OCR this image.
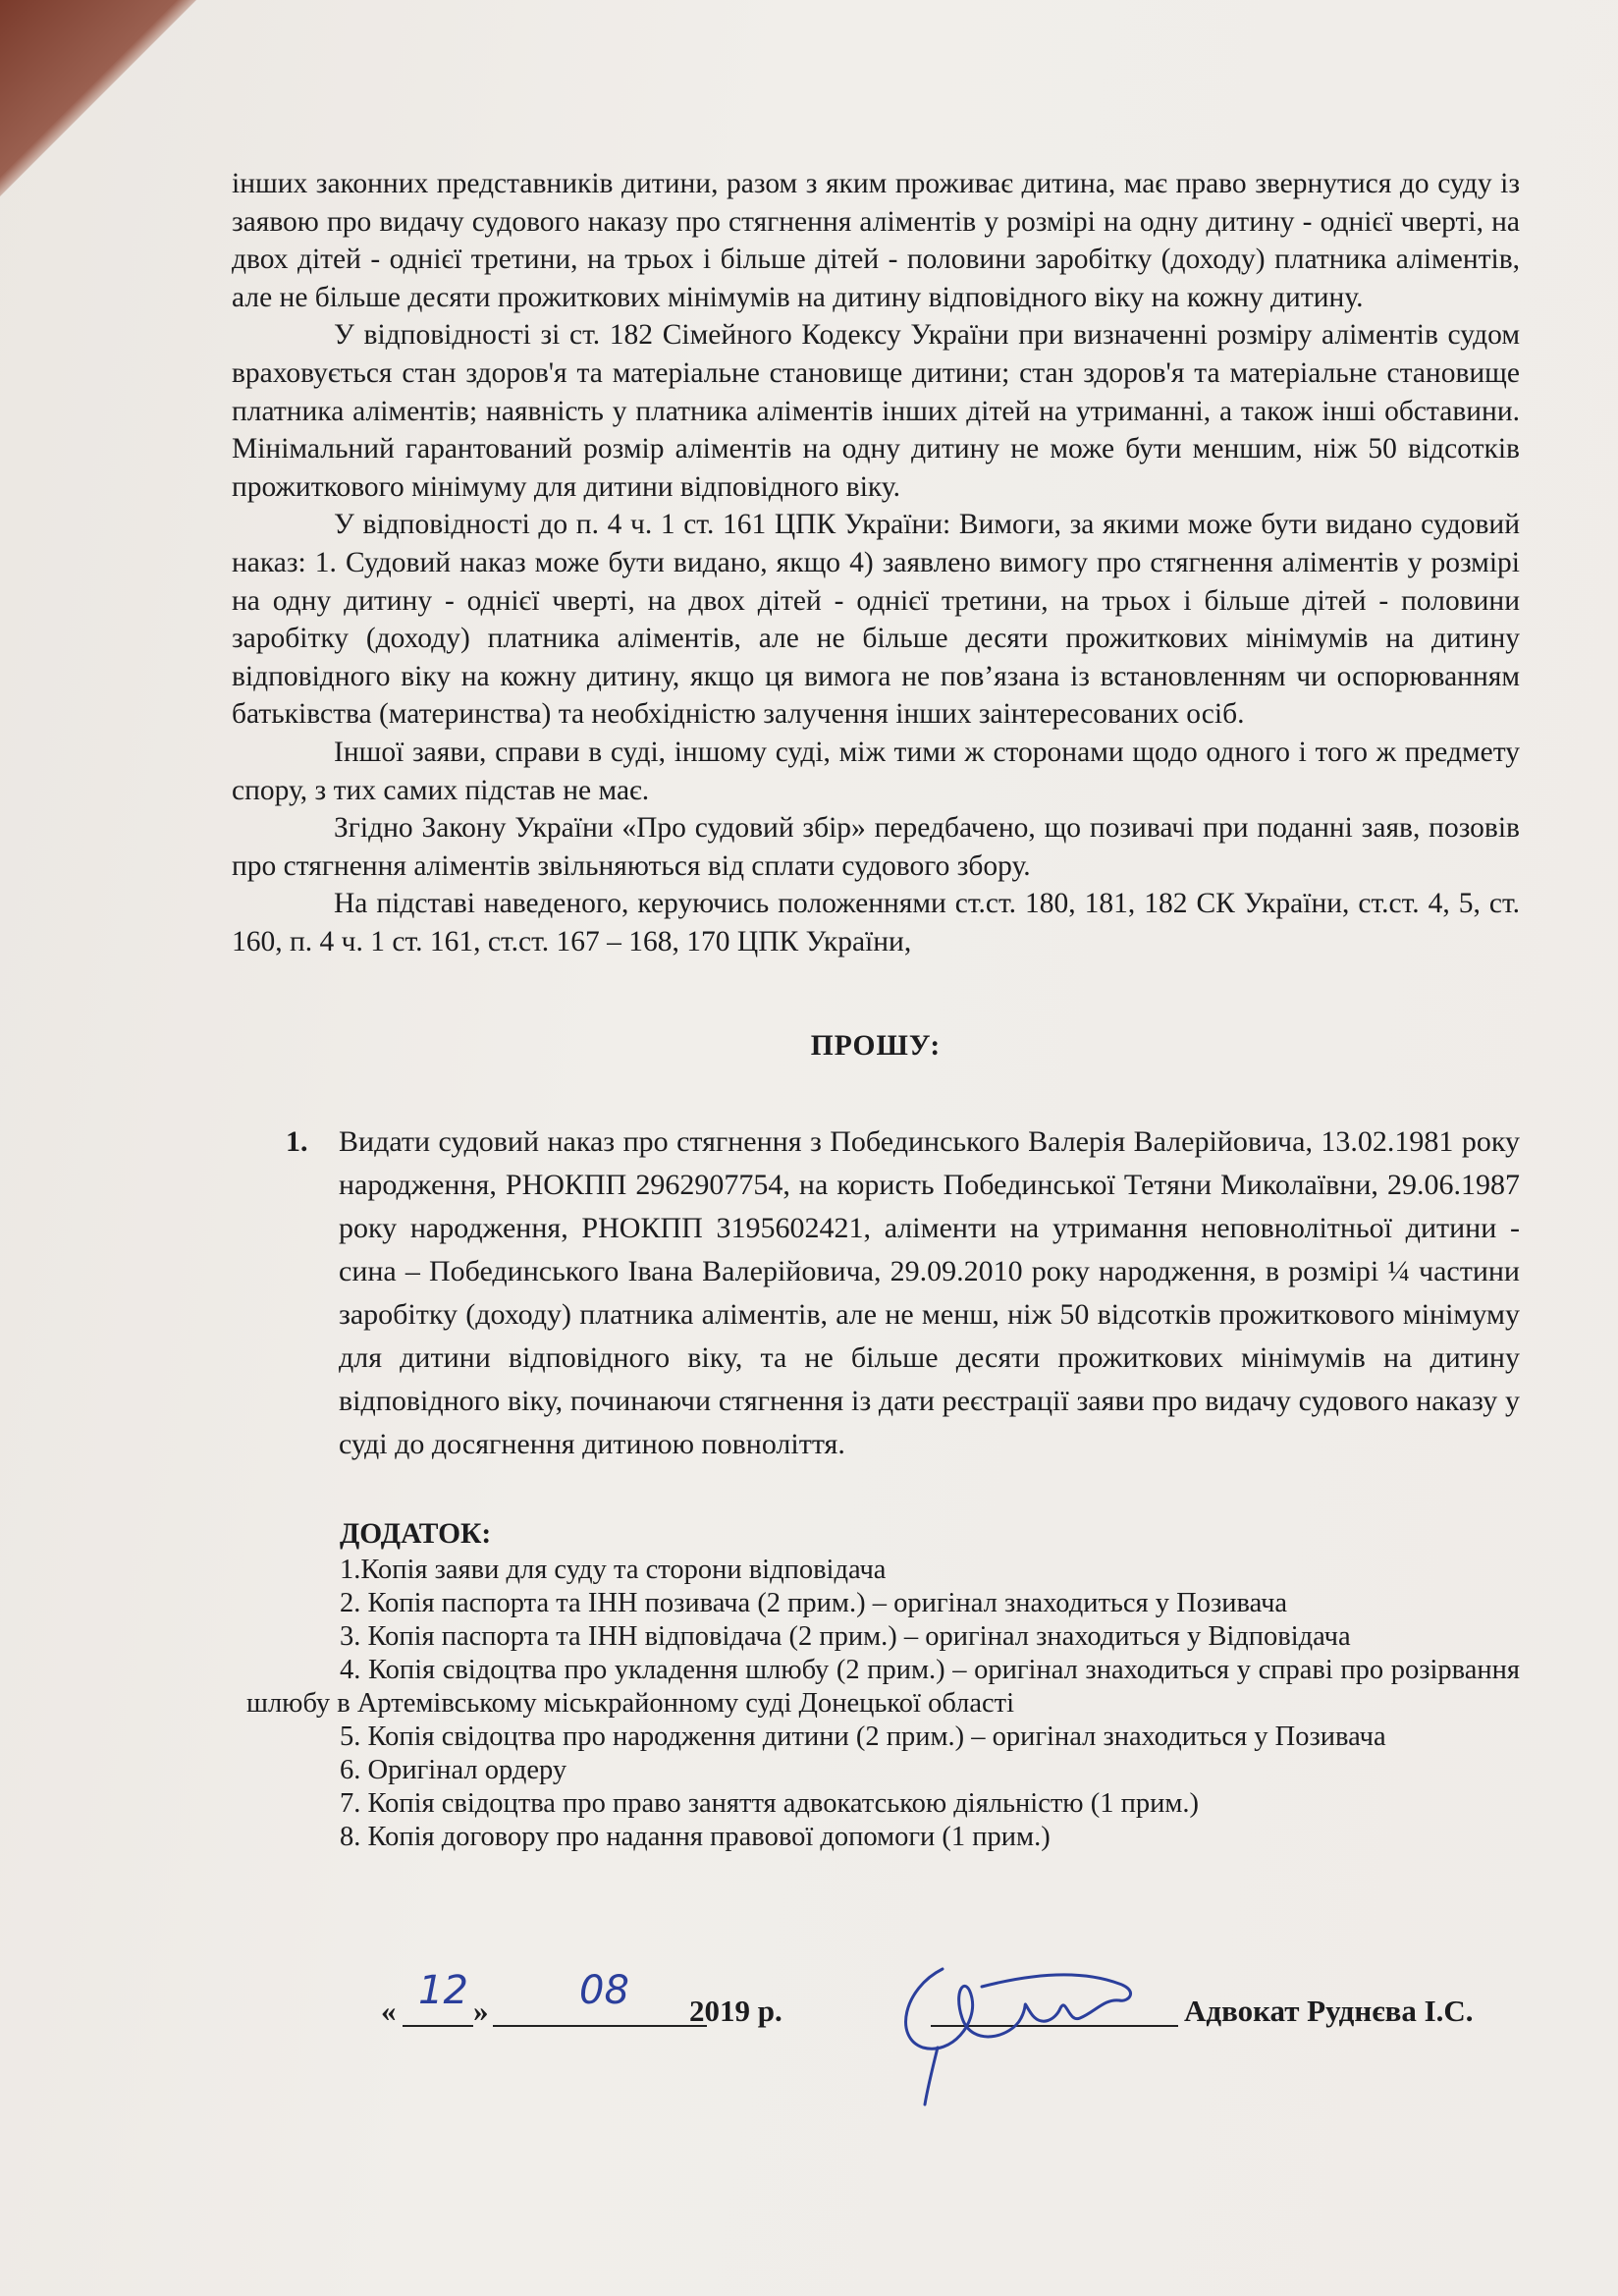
інших законних представників дитини, разом з яким проживає дитина, має право звернутися до суду із заявою про видачу судового наказу про стягнення аліментів у розмірі на одну дитину - однієї чверті, на двох дітей - однієї третини, на трьох і більше дітей - половини заробітку (доходу) платника аліментів, але не більше десяти прожиткових мінімумів на дитину відповідного віку на кожну дитину.

У відповідності зі ст. 182 Сімейного Кодексу України при визначенні розміру аліментів судом враховується стан здоров'я та матеріальне становище дитини; стан здоров'я та матеріальне становище платника аліментів; наявність у платника аліментів інших дітей на утриманні, а також інші обставини. Мінімальний гарантований розмір аліментів на одну дитину не може бути меншим, ніж 50 відсотків прожиткового мінімуму для дитини відповідного віку.

У відповідності до п. 4 ч. 1 ст. 161 ЦПК України: Вимоги, за якими може бути видано судовий наказ: 1. Судовий наказ може бути видано, якщо 4) заявлено вимогу про стягнення аліментів у розмірі на одну дитину - однієї чверті, на двох дітей - однієї третини, на трьох і більше дітей - половини заробітку (доходу) платника аліментів, але не більше десяти прожиткових мінімумів на дитину відповідного віку на кожну дитину, якщо ця вимога не пов’язана із встановленням чи оспорюванням батьківства (материнства) та необхідністю залучення інших заінтересованих осіб.

Іншої заяви, справи в суді, іншому суді, між тими ж сторонами щодо одного і того ж предмету спору, з тих самих підстав не має.

Згідно Закону України «Про судовий збір» передбачено, що позивачі при поданні заяв, позовів про стягнення аліментів звільняються від сплати судового збору.

На підставі наведеного, керуючись положеннями ст.ст. 180, 181, 182 СК України, ст.ст. 4, 5, ст. 160, п. 4 ч. 1 ст. 161, ст.ст. 167 – 168, 170 ЦПК України,

ПРОШУ:

1.	Видати судовий наказ про стягнення з Побединського Валерія Валерійовича, 13.02.1981 року народження, РНОКПП 2962907754, на користь Побединської Тетяни Миколаївни, 29.06.1987 року народження, РНОКПП 3195602421, аліменти на утримання неповнолітньої дитини - сина – Побединського Івана Валерійовича, 29.09.2010 року народження, в розмірі ¼ частини заробітку (доходу) платника аліментів, але не менш, ніж 50 відсотків прожиткового мінімуму для дитини відповідного віку, та не більше десяти прожиткових мінімумів на дитину відповідного віку, починаючи стягнення із дати реєстрації заяви про видачу судового наказу у суді до досягнення дитиною повноліття.

ДОДАТОК:

1.Копія заяви для суду та сторони відповідача

2. Копія паспорта та ІНН позивача (2 прим.) – оригінал знаходиться у Позивача

3. Копія паспорта та ІНН відповідача (2 прим.) – оригінал знаходиться у Відповідача

4. Копія свідоцтва про укладення шлюбу (2 прим.) – оригінал знаходиться у справі про розірвання шлюбу в Артемівському міськрайонному суді Донецької області

5. Копія свідоцтва про народження дитини (2 прим.) – оригінал знаходиться у Позивача

6. Оригінал ордеру

7. Копія свідоцтва про право заняття адвокатською діяльністю (1 прим.)

8. Копія договору про надання правової допомоги (1 прим.)

« 12 » 08 2019 р.	Адвокат Руднєва І.С.
